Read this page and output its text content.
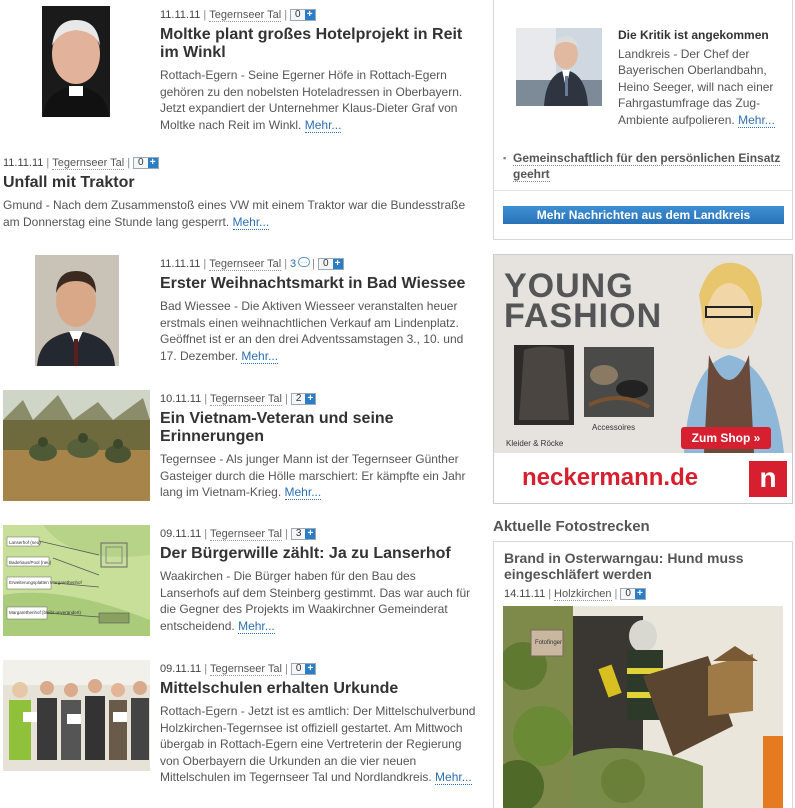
11.11.11 | Tegernseer Tal | 0 +
Moltke plant großes Hotelprojekt in Reit im Winkl

Rottach-Egern - Seine Egerner Höfe in Rottach-Egern gehören zu den nobelsten Hoteladressen in Oberbayern. Jetzt expandiert der Unternehmer Klaus-Dieter Graf von Moltke nach Reit im Winkl. Mehr...

11.11.11 | Tegernseer Tal | 0 +
Unfall mit Traktor

Gmund - Nach dem Zusammenstoß eines VW mit einem Traktor war die Bundesstraße am Donnerstag eine Stunde lang gesperrt. Mehr...

11.11.11 | Tegernseer Tal | 3 … | 0 +
Erster Weihnachtsmarkt in Bad Wiessee

Bad Wiessee - Die Aktiven Wiesseer veranstalten heuer erstmals einen weihnachtlichen Verkauf am Lindenplatz. Geöffnet ist er an den drei Adventssamstagen 3., 10. und 17. Dezember. Mehr...

10.11.11 | Tegernseer Tal | 2 +
Ein Vietnam-Veteran und seine Erinnerungen

Tegernsee - Als junger Mann ist der Tegernseer Günther Gasteiger durch die Hölle marschiert: Er kämpfte ein Jahr lang im Vietnam-Krieg. Mehr...

Lanserhof (neu)
Badehaus/Pool (neu)
Erweiterungsplatten Margarethenhof
Margarethenhof (bleibt unverändert)
09.11.11 | Tegernseer Tal | 3 +
Der Bürgerwille zählt: Ja zu Lanserhof

Waakirchen - Die Bürger haben für den Bau des Lanserhofs auf dem Steinberg gestimmt. Das war auch für die Gegner des Projekts im Waakirchner Gemeinderat entscheidend. Mehr...

09.11.11 | Tegernseer Tal | 0 +
Mittelschulen erhalten Urkunde

Rottach-Egern - Jetzt ist es amtlich: Der Mittelschulverbund Holzkirchen-Tegernsee ist offiziell gestartet. Am Mittwoch übergab in Rottach-Egern eine Vertreterin der Regierung von Oberbayern die Urkunden an die vier neuen Mittelschulen im Tegernseer Tal und Nordlandkreis. Mehr...

Die Kritik ist angekommen

Landkreis - Der Chef der Bayerischen Oberlandbahn, Heino Seeger, will nach einer Fahrgastumfrage das Zug-Ambiente aufpolieren. Mehr...

▪ Gemeinschaftlich für den persönlichen Einsatz geehrt
Mehr Nachrichten aus dem Landkreis
YOUNG
FASHION
Kleider & Röcke
Accessoires
Zum Shop »
neckermann.de	n
Aktuelle Fotostrecken
Brand in Osterwarngau: Hund muss eingeschläfert werden
14.11.11 | Holzkirchen | 0 +
Fotofinger
